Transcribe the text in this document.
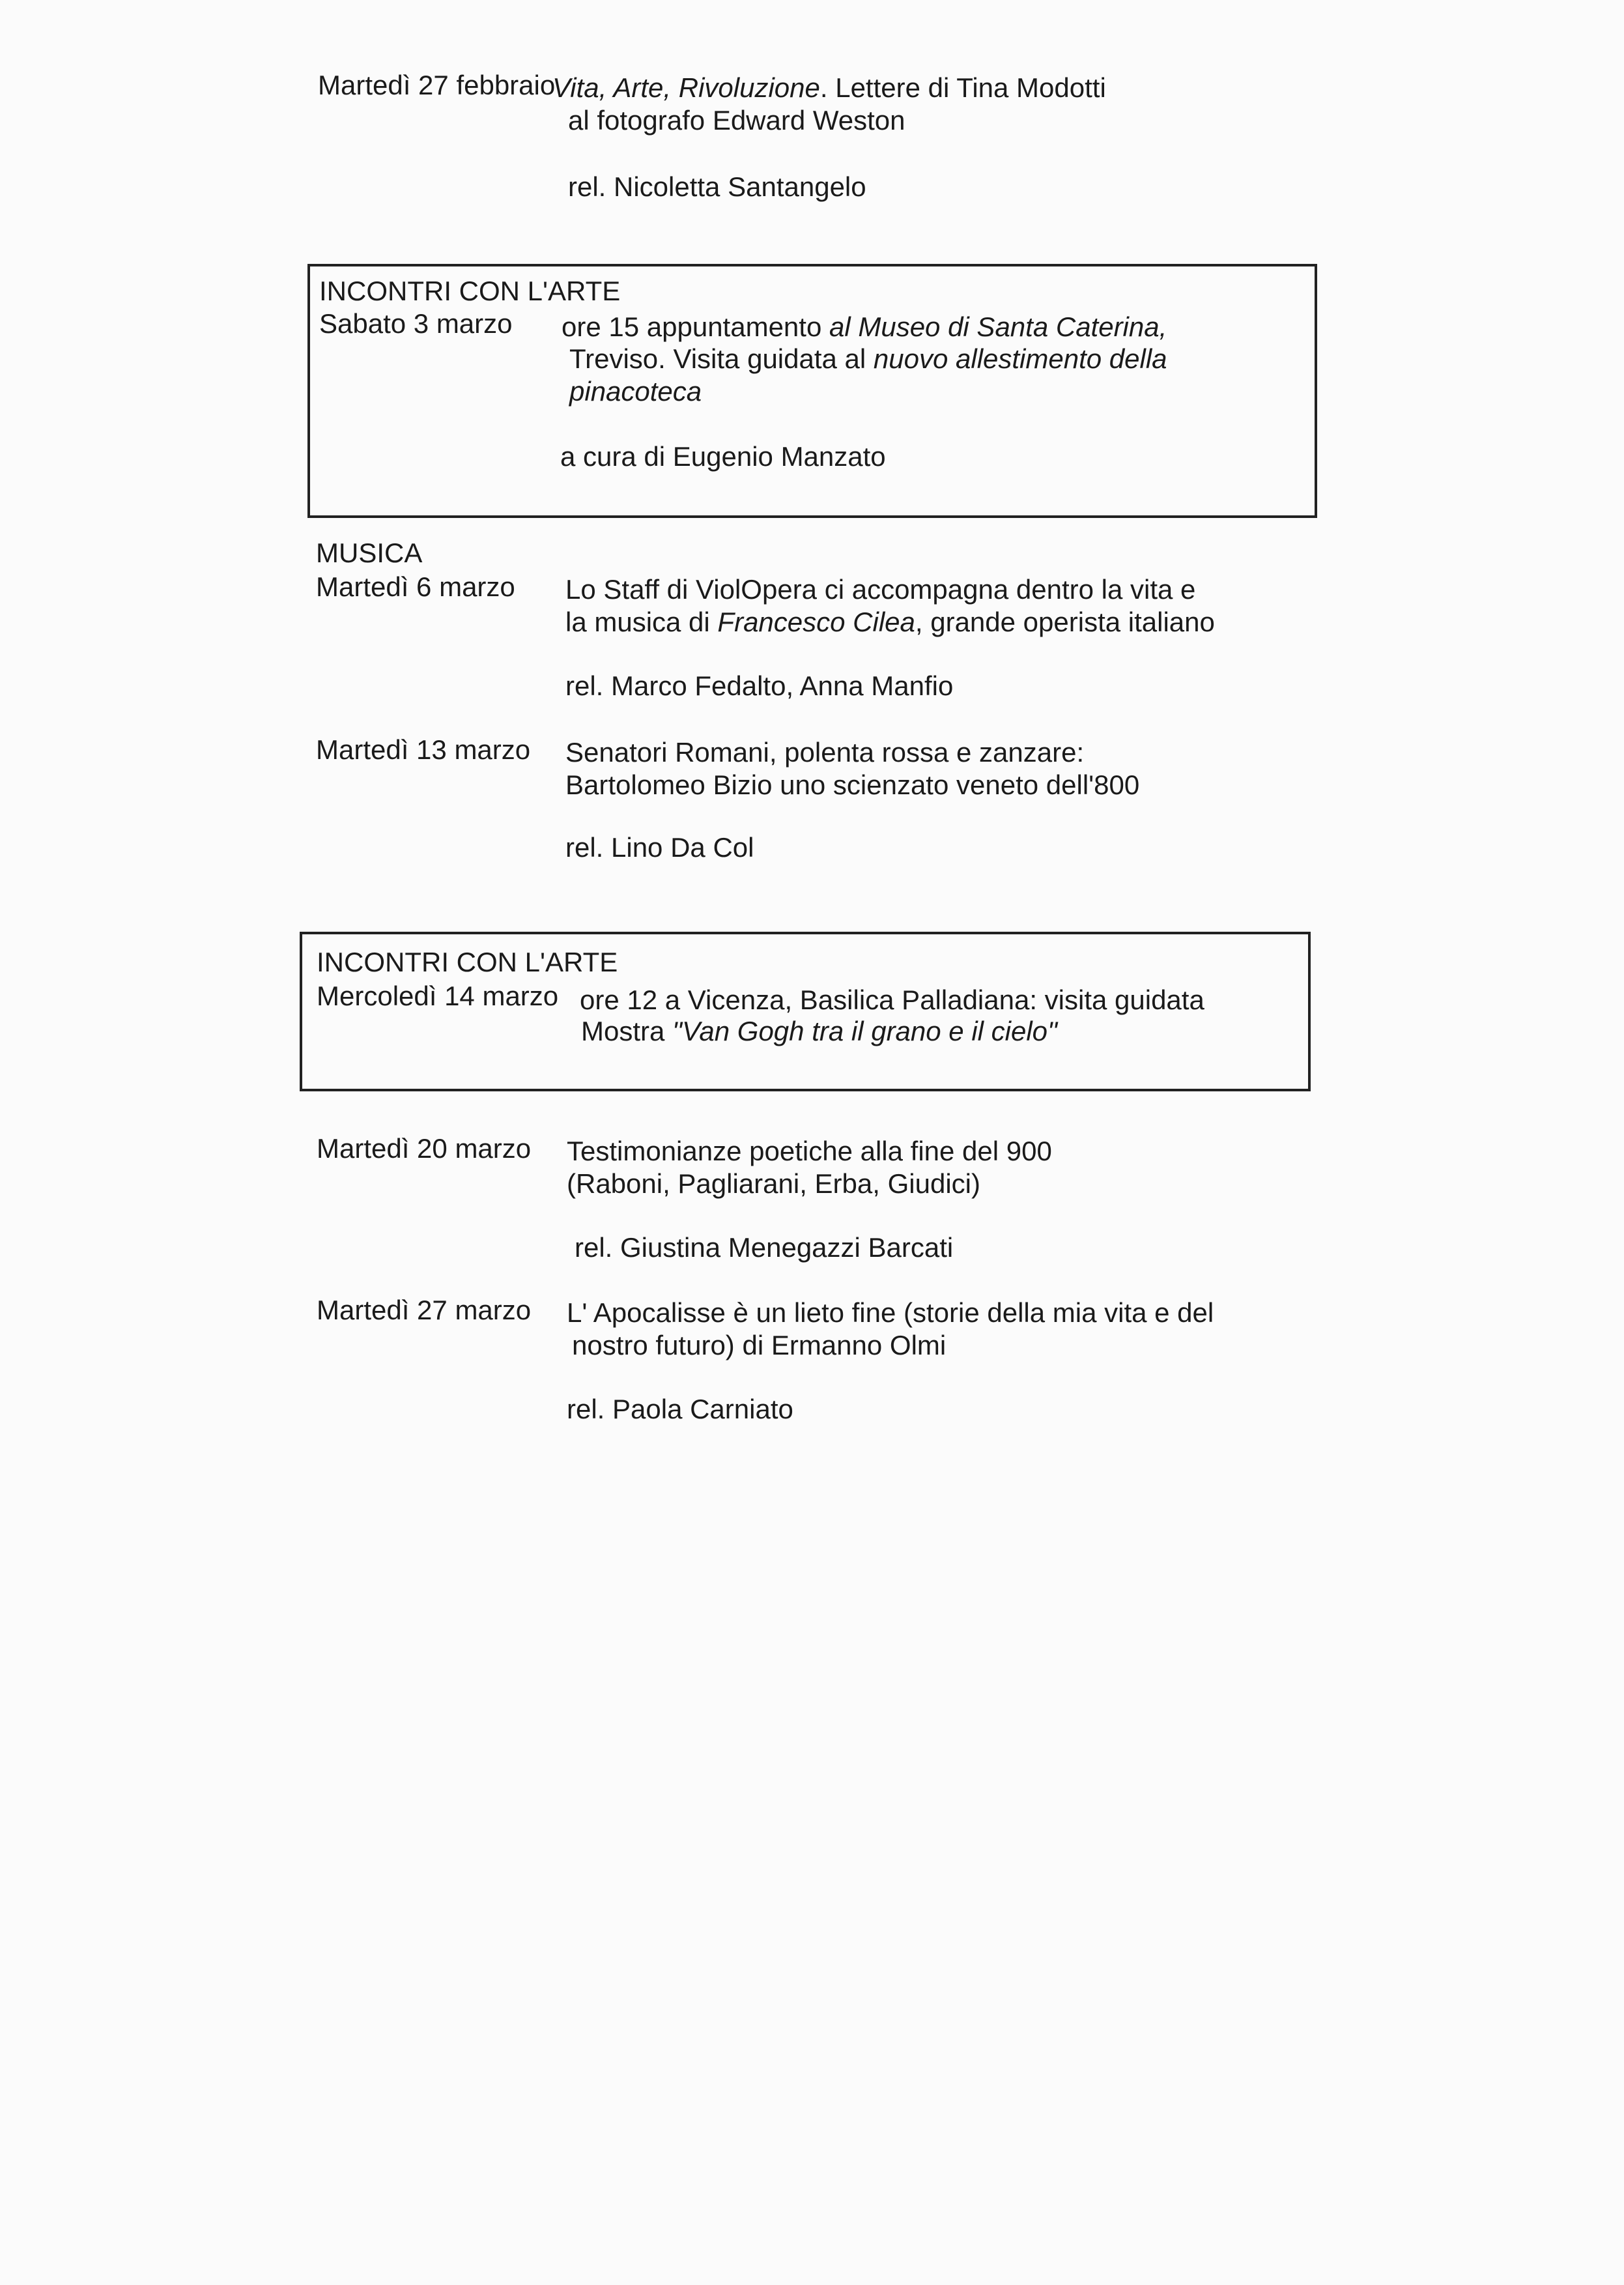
Martedì 27 febbraio
Vita, Arte, Rivoluzione. Lettere di Tina Modotti
al fotografo Edward Weston
rel. Nicoletta Santangelo
INCONTRI CON L'ARTE
Sabato 3 marzo ore 15 appuntamento al Museo di Santa Caterina,
Treviso. Visita guidata al nuovo allestimento della
pinacoteca
a cura di Eugenio Manzato
MUSICA
Martedì 6 marzo Lo Staff di ViolOpera ci accompagna dentro la vita e
la musica di Francesco Cilea, grande operista italiano
rel. Marco Fedalto, Anna Manfio
Martedì 13 marzo Senatori Romani, polenta rossa e zanzare:
Bartolomeo Bizio uno scienzato veneto dell'800
rel. Lino Da Col
INCONTRI CON L'ARTE
Mercoledì 14 marzo ore 12 a Vicenza, Basilica Palladiana: visita guidata
Mostra "Van Gogh tra il grano e il cielo"
Martedì 20 marzo Testimonianze poetiche alla fine del 900
(Raboni, Pagliarani, Erba, Giudici)
rel. Giustina Menegazzi Barcati
Martedì 27 marzo L' Apocalisse è un lieto fine (storie della mia vita e del
nostro futuro) di Ermanno Olmi
rel. Paola Carniato
